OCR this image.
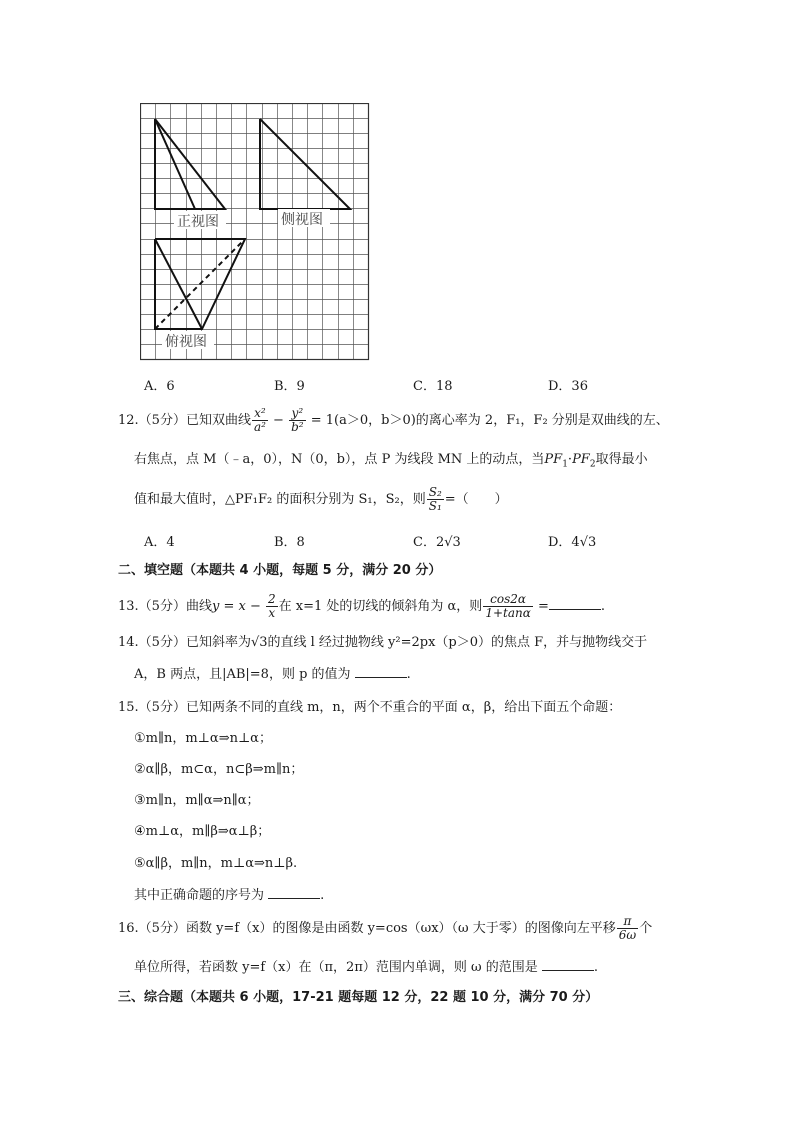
正视图	侧视图
俯视图
A．6	B．9	C．18	D．36
12.（5分）已知双曲线 $\frac{\text{x²}}{\text{a²}} - \frac{\text{y²}}{\text{b²}} = 1(a>0$，b＞0)的离心率为 2，F₁，F₂ 分别是双曲线的左、
右焦点，点 M（﹣a，0），N（0，b），点 P 为线段 MN 上的动点，当$PF_1\cdot PF_2$取得最小
值和最大值时，△PF₁F₂ 的面积分别为 S₁，S₂，则 $\frac{\text{S₂}}{\text{S₁}}$ =（　　）
A．4	B．8	C．2√3	D．4√3
二、填空题（本题共 4 小题，每题 5 分，满分 20 分）
13.（5分）曲线$y = x - \frac{2}{x}$ 在 x=1 处的切线的倾斜角为 α，则 $\frac{\cos 2\alpha}{1+\tan\alpha}$ =	.
14.（5分）已知斜率为√3的直线 l 经过抛物线 y²=2px（p＞0）的焦点 F，并与抛物线交于
A，B 两点，且|AB|=8，则 p 的值为	.
15.（5分）已知两条不同的直线 m，n，两个不重合的平面 α，β，给出下面五个命题：
①m∥n，m⊥α⇒n⊥α；
②α∥β，m⊂α，n⊂β⇒m∥n；
③m∥n，m∥α⇒n∥α；
④m⊥α，m∥β⇒α⊥β；
⑤α∥β，m∥n，m⊥α⇒n⊥β.
其中正确命题的序号为	.
16.（5分）函数 y=f（x）的图像是由函数 y=cos（ωx）（ω 大于零）的图像向左平移 $\frac{\pi}{6\omega}$ 个
单位所得，若函数 y=f（x）在（π，2π）范围内单调，则 ω 的范围是	.
三、综合题（本题共 6 小题，17-21 题每题 12 分，22 题 10 分，满分 70 分）
